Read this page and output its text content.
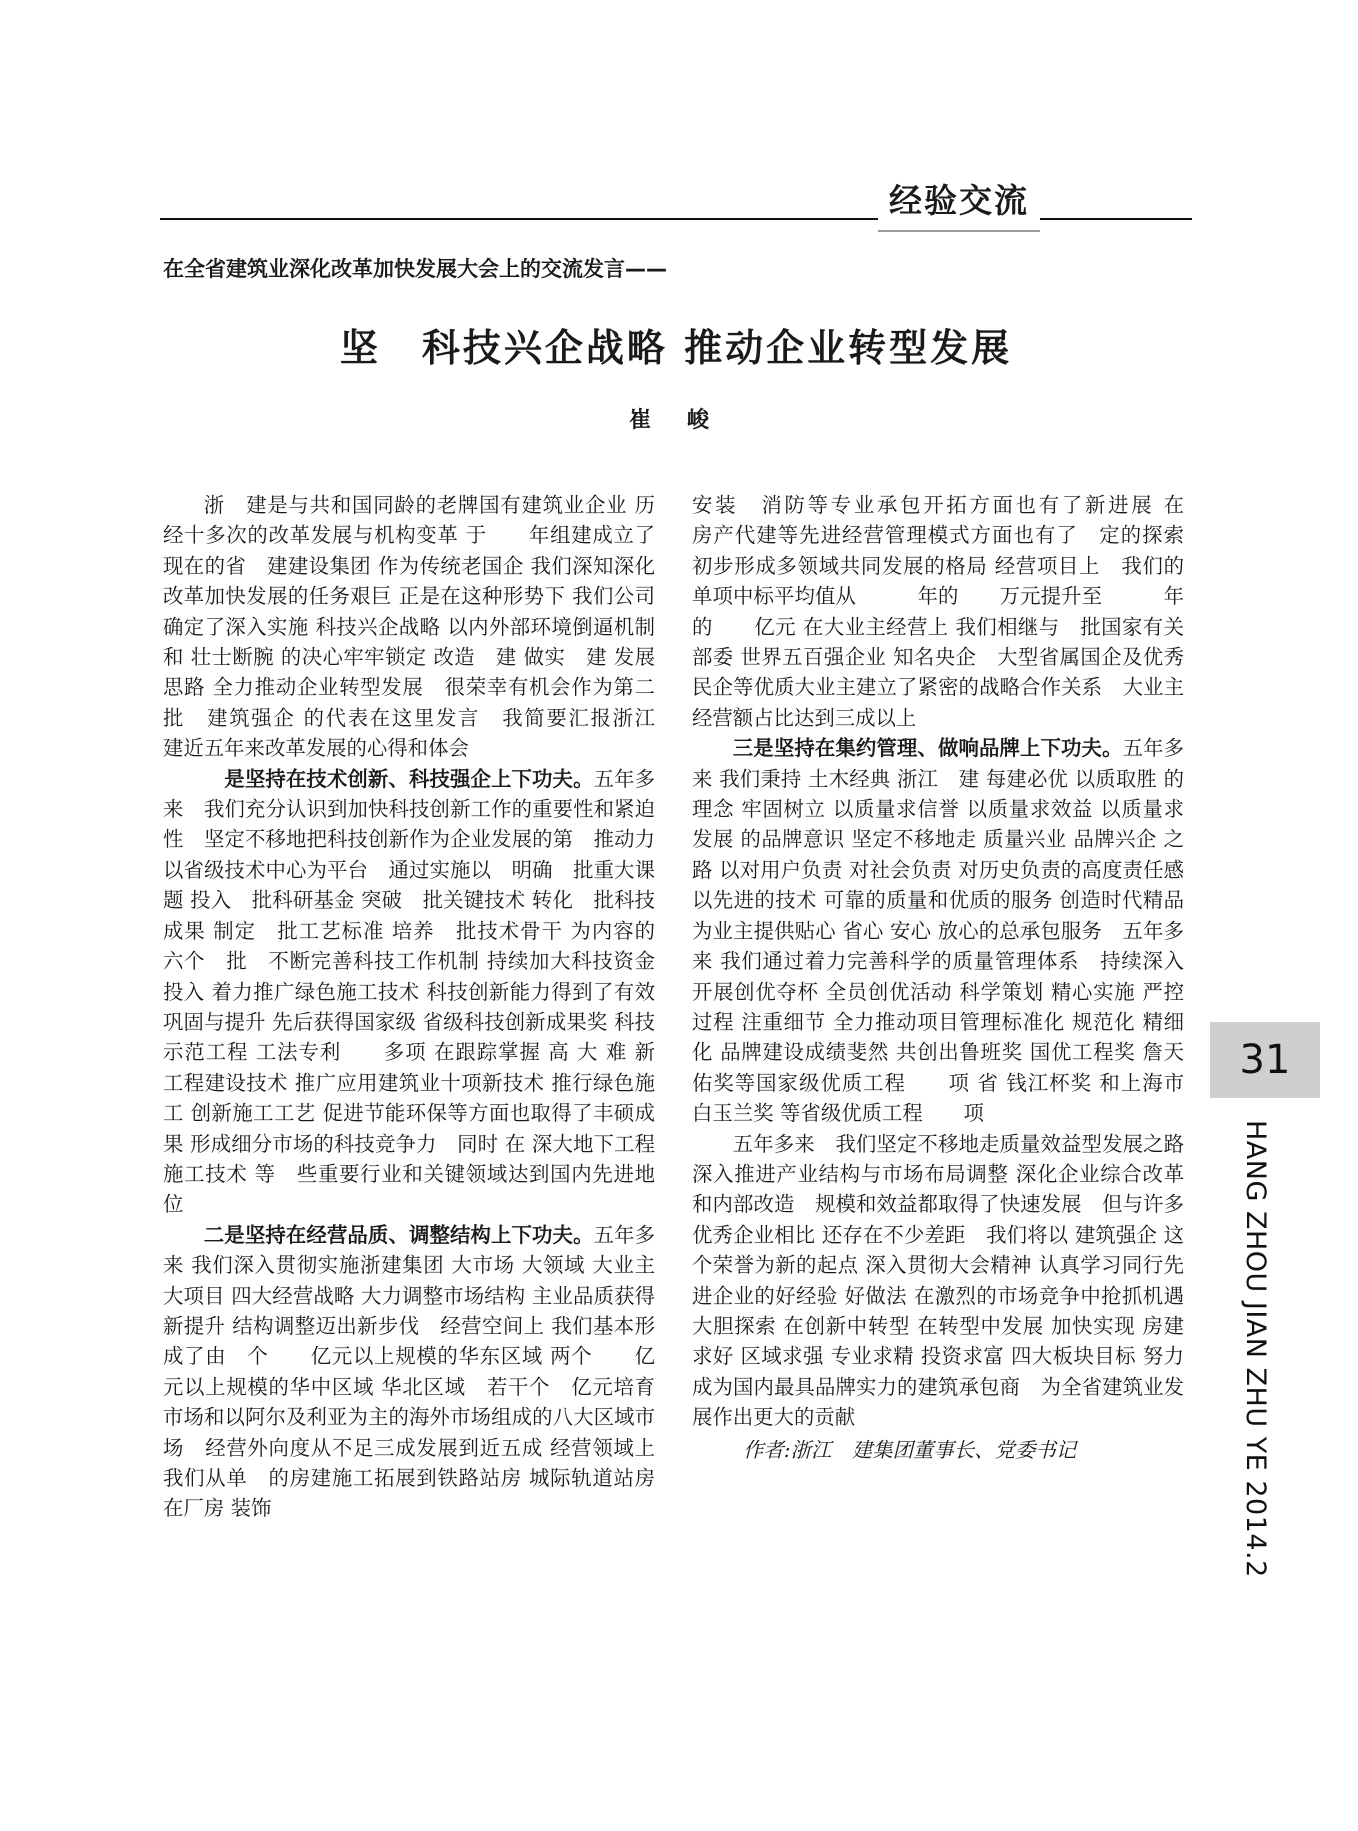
经验交流
在全省建筑业深化改革加快发展大会上的交流发言——
坚　科技兴企战略 推动企业转型发展
崔 峻

浙　建是与共和国同龄的老牌国有建筑业企业 历经十多次的改革发展与机构变革 于　　年组建成立了现在的省　建建设集团 作为传统老国企 我们深知深化改革加快发展的任务艰巨 正是在这种形势下 我们公司确定了深入实施 科技兴企战略 以内外部环境倒逼机制和 壮士断腕 的决心牢牢锁定 改造　建 做实　建 发展思路 全力推动企业转型发展　很荣幸有机会作为第二批　建筑强企 的代表在这里发言　我简要汇报浙江　建近五年来改革发展的心得和体会

　是坚持在技术创新、科技强企上下功夫。五年多来　我们充分认识到加快科技创新工作的重要性和紧迫性　坚定不移地把科技创新作为企业发展的第　推动力　以省级技术中心为平台　通过实施以　明确　批重大课题 投入　批科研基金 突破　批关键技术 转化　批科技成果 制定　批工艺标准 培养　批技术骨干 为内容的 六个　批　不断完善科技工作机制 持续加大科技资金投入 着力推广绿色施工技术 科技创新能力得到了有效巩固与提升 先后获得国家级 省级科技创新成果奖 科技示范工程 工法专利　　多项 在跟踪掌握 高 大 难 新 工程建设技术 推广应用建筑业十项新技术 推行绿色施工 创新施工工艺 促进节能环保等方面也取得了丰硕成果 形成细分市场的科技竞争力　同时 在 深大地下工程施工技术 等　些重要行业和关键领域达到国内先进地位

二是坚持在经营品质、调整结构上下功夫。五年多来 我们深入贯彻实施浙建集团 大市场 大领域 大业主 大项目 四大经营战略 大力调整市场结构 主业品质获得新提升 结构调整迈出新步伐　经营空间上 我们基本形成了由　个　　亿元以上规模的华东区域 两个　　亿元以上规模的华中区域 华北区域　若干个　亿元培育市场和以阿尔及利亚为主的海外市场组成的八大区域市场　经营外向度从不足三成发展到近五成 经营领域上 我们从单　的房建施工拓展到铁路站房 城际轨道站房 在厂房 装饰

安装　消防等专业承包开拓方面也有了新进展 在　　房产代建等先进经营管理模式方面也有了　定的探索 初步形成多领域共同发展的格局 经营项目上　我们的单项中标平均值从　　　年的　　万元提升至　　　年的　　亿元 在大业主经营上 我们相继与　批国家有关部委 世界五百强企业 知名央企　大型省属国企及优秀民企等优质大业主建立了紧密的战略合作关系　大业主经营额占比达到三成以上

三是坚持在集约管理、做响品牌上下功夫。五年多来 我们秉持 土木经典 浙江　建 每建必优 以质取胜 的理念 牢固树立 以质量求信誉 以质量求效益 以质量求发展 的品牌意识 坚定不移地走 质量兴业 品牌兴企 之路 以对用户负责 对社会负责 对历史负责的高度责任感 以先进的技术 可靠的质量和优质的服务 创造时代精品 为业主提供贴心 省心 安心 放心的总承包服务　五年多来 我们通过着力完善科学的质量管理体系　持续深入开展创优夺杯 全员创优活动 科学策划 精心实施 严控过程 注重细节 全力推动项目管理标准化 规范化 精细化 品牌建设成绩斐然 共创出鲁班奖 国优工程奖 詹天佑奖等国家级优质工程　　项 省 钱江杯奖 和上海市 白玉兰奖 等省级优质工程　　项

五年多来　我们坚定不移地走质量效益型发展之路 深入推进产业结构与市场布局调整 深化企业综合改革和内部改造　规模和效益都取得了快速发展　但与许多优秀企业相比 还存在不少差距　我们将以 建筑强企 这个荣誉为新的起点 深入贯彻大会精神 认真学习同行先进企业的好经验 好做法 在激烈的市场竞争中抢抓机遇 大胆探索 在创新中转型 在转型中发展 加快实现 房建求好 区域求强 专业求精 投资求富 四大板块目标 努力成为国内最具品牌实力的建筑承包商　为全省建筑业发展作出更大的贡献

作者:浙江　建集团董事长、党委书记

31
HANG ZHOU JIAN ZHU YE 2014.2
